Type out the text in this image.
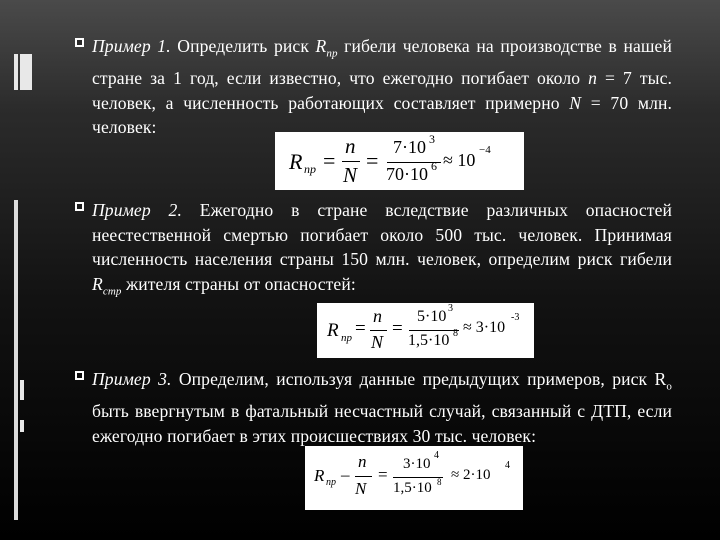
Пример 1. Определить риск $R_{пр}$ гибели человека на производстве в нашей стране за 1 год, если известно, что ежегодно погибает около n = 7 тыс. человек, а численность работающих составляет примерно N = 70 млн. человек:
R пр =
n
N
=
7·10 3
70·10 6 ≈ 10 −4
Пример 2. Ежегодно в стране вследствие различных опасностей неестественной смертью погибает около 500 тыс. человек. Принимая численность населения страны 150 млн. человек, определим риск гибели $R_{стр}$ жителя страны от опасностей:
R пр =
n
N
=
5·10 3
1,5·10 8 ≈ 3·10
-3
Пример 3. Определим, используя данные предыдущих примеров, риск $R_о$ быть ввергнутым в фатальный несчастный случай, связанный с ДТП, если ежегодно погибает в этих происшествиях 30 тыс. человек:
R пр –
n
N
=
3·10
4
1,5·10 8 ≈ 2·10
4
